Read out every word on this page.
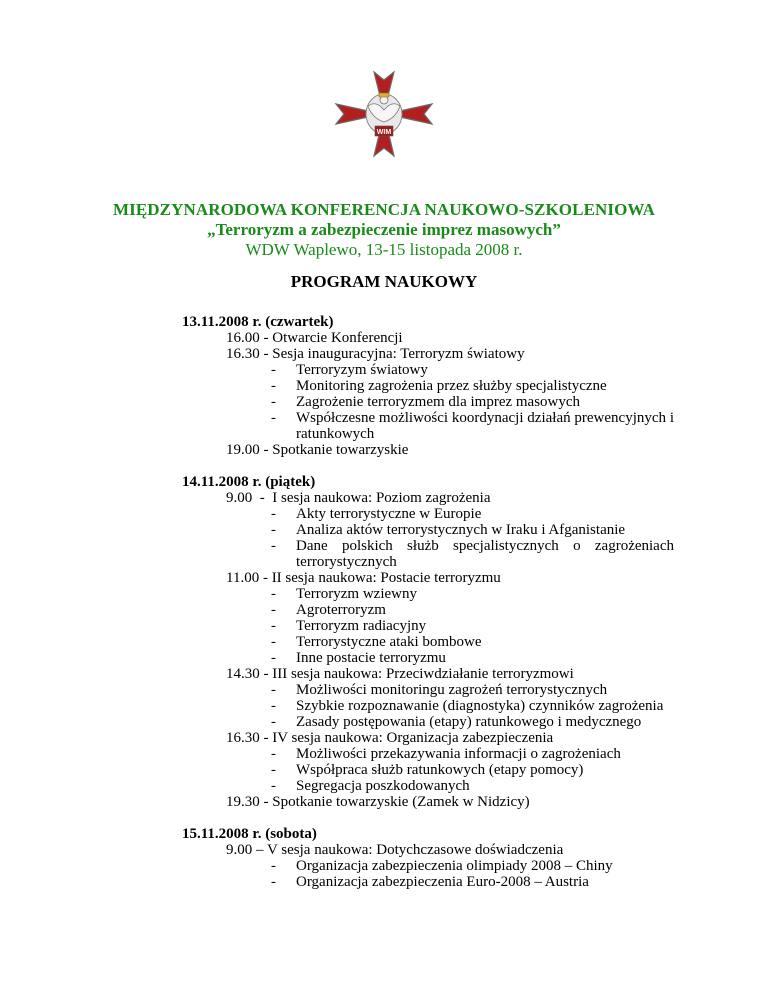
WIM
MIĘDZYNARODOWA KONFERENCJA NAUKOWO-SZKOLENIOWA
„Terroryzm a zabezpieczenie imprez masowych”
WDW Waplewo, 13-15 listopada 2008 r.
PROGRAM NAUKOWY
13.11.2008 r. (czwartek)
16.00 - Otwarcie Konferencji
16.30 - Sesja inauguracyjna: Terroryzm światowy
- Terroryzym światowy
- Monitoring zagrożenia przez służby specjalistyczne
- Zagrożenie terroryzmem dla imprez masowych
- Współczesne możliwości koordynacji działań prewencyjnych i ratunkowych
19.00 - Spotkanie towarzyskie
14.11.2008 r. (piątek)
9.00  -  I sesja naukowa: Poziom zagrożenia
- Akty terrorystyczne w Europie
- Analiza aktów terrorystycznych w Iraku i Afganistanie
- Dane polskich służb specjalistycznych o zagrożeniach terrorystycznych
11.00 - II sesja naukowa: Postacie terroryzmu
- Terroryzm wziewny
- Agroterroryzm
- Terroryzm radiacyjny
- Terrorystyczne ataki bombowe
- Inne postacie terroryzmu
14.30 - III sesja naukowa: Przeciwdziałanie terroryzmowi
- Możliwości monitoringu zagrożeń terrorystycznych
- Szybkie rozpoznawanie (diagnostyka) czynników zagrożenia
- Zasady postępowania (etapy) ratunkowego i medycznego
16.30 - IV sesja naukowa: Organizacja zabezpieczenia
- Możliwości przekazywania informacji o zagrożeniach
- Współpraca służb ratunkowych (etapy pomocy)
- Segregacja poszkodowanych
19.30 - Spotkanie towarzyskie (Zamek w Nidzicy)
15.11.2008 r. (sobota)
9.00 – V sesja naukowa: Dotychczasowe doświadczenia
- Organizacja zabezpieczenia olimpiady 2008 – Chiny
- Organizacja zabezpieczenia Euro-2008 – Austria
